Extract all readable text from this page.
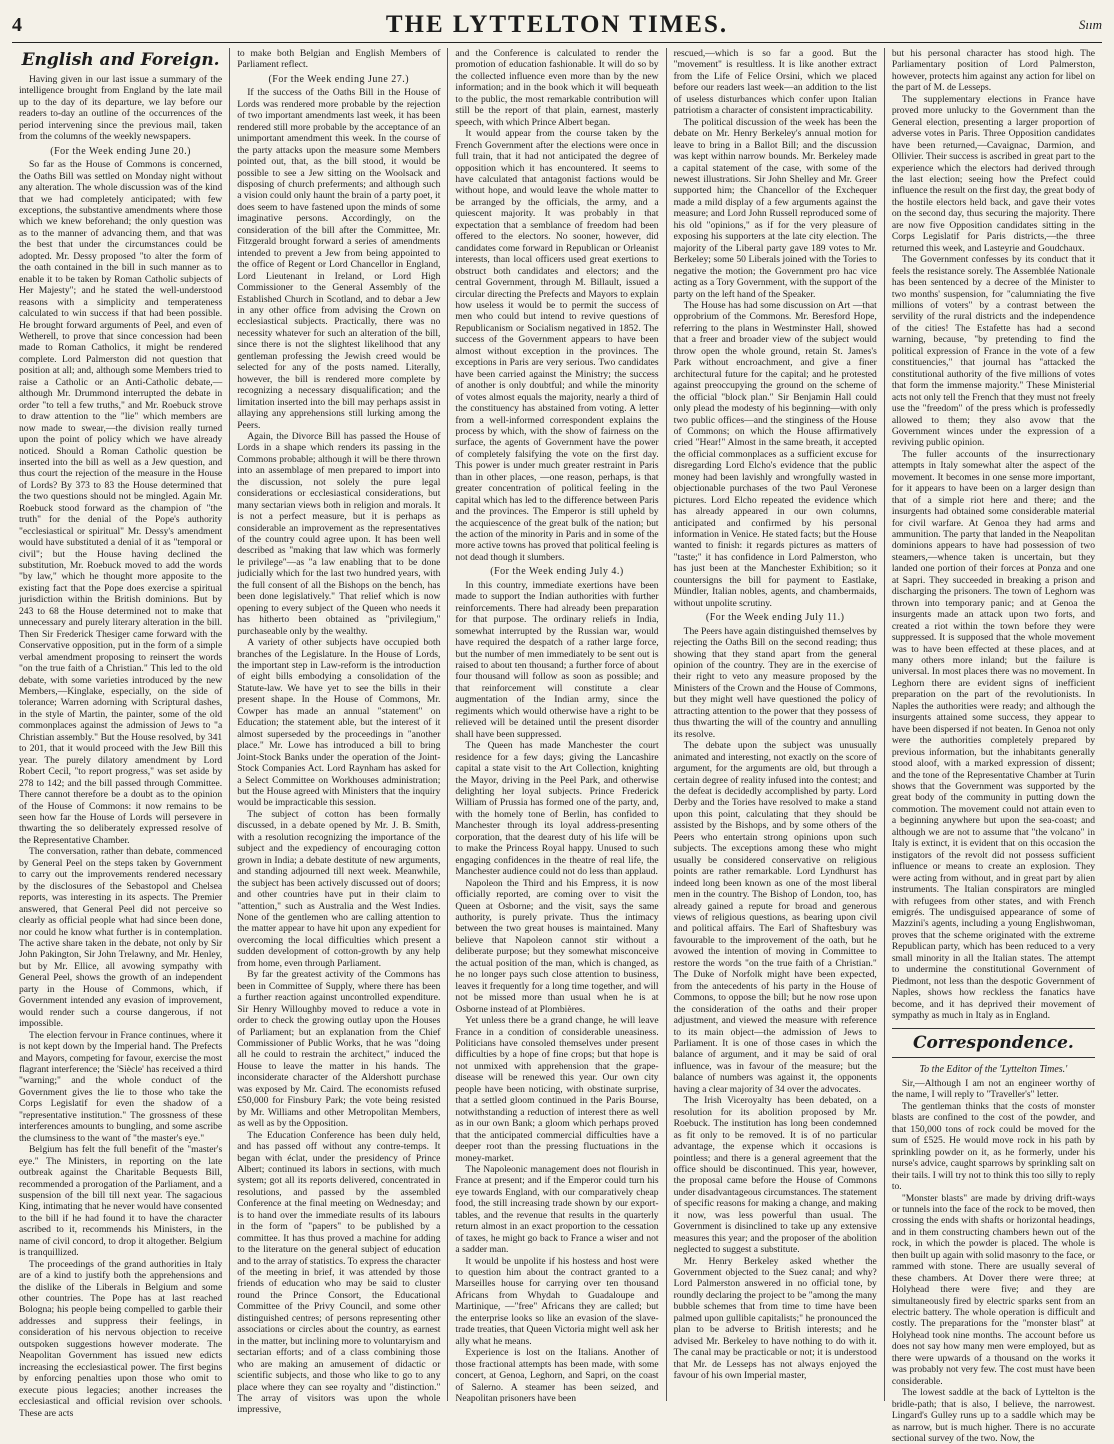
4	THE LYTTELTON TIMES.	Sııт
English and Foreign.

Having given in our last issue a summary of the intelligence brought from England by the late mail up to the day of its departure, we lay before our readers to-day an outline of the occurrences of the period intervening since the previous mail, taken from the columns of the weekly newspapers.

(For the Week ending June 20.)

So far as the House of Commons is concerned, the Oaths Bill was settled on Monday night without any alteration. The whole discussion was of the kind that we had completely anticipated; with few exceptions, the substantive amendments where those which we knew beforehand; the only question was as to the manner of advancing them, and that was the best that under the circumstances could be adopted. Mr. Dessy proposed "to alter the form of the oath contained in the bill in such manner as to enable it to be taken by Roman Catholic subjects of Her Majesty"; and he stated the well-understood reasons with a simplicity and temperateness calculated to win success if that had been possible. He brought forward arguments of Peel, and even of Wetherell, to prove that since concession had been made to Roman Catholics, it might be rendered complete. Lord Palmerston did not question that position at all; and, although some Members tried to raise a Catholic or an Anti-Catholic debate,—although Mr. Drummond interrupted the debate in order "to tell a few truths," and Mr. Roebuck strove to draw attention to the "lie" which members are now made to swear,—the division really turned upon the point of policy which we have already noticed. Should a Roman Catholic question be inserted into the bill as well as a Jew question, and thus court the rejection of the measure in the House of Lords? By 373 to 83 the House determined that the two questions should not be mingled. Again Mr. Roebuck stood forward as the champion of "the truth" for the denial of the Pope's authority "ecclesiastical or spiritual" Mr. Dessy's amendment would have substituted a denial of it as "temporal or civil"; but the House having declined the substitution, Mr. Roebuck moved to add the words "by law," which he thought more apposite to the existing fact that the Pope does exercise a spiritual jurisdiction within the British dominions. But by 243 to 68 the House determined not to make that unnecessary and purely literary alteration in the bill. Then Sir Frederick Thesiger came forward with the Conservative opposition, put in the form of a simple verbal amendment proposing to reinsert the words "on the true faith of a Christian." This led to the old debate, with some varieties introduced by the new Members,—Kinglake, especially, on the side of tolerance; Warren adorning with Scriptural dashes, in the style of Martin, the painter, some of the old commonplaces against the admission of Jews to "a Christian assembly." But the House resolved, by 341 to 201, that it would proceed with the Jew Bill this year. The purely dilatory amendment by Lord Robert Cecil, "to report progress," was set aside by 278 to 142; and the bill passed through Committee. There cannot therefore be a doubt as to the opinion of the House of Commons: it now remains to be seen how far the House of Lords will persevere in thwarting the so deliberately expressed resolve of the Representative Chamber.

The conversation, rather than debate, commenced by General Peel on the steps taken by Government to carry out the improvements rendered necessary by the disclosures of the Sebastopol and Chelsea reports, was interesting in its aspects. The Premier answered, that General Peel did not perceive so clearly as official people what had since been done, nor could he know what further is in contemplation. The active share taken in the debate, not only by Sir John Pakington, Sir John Trelawny, and Mr. Henley, but by Mr. Ellice, all avowing sympathy with General Peel, shows the growth of an independent party in the House of Commons, which, if Government intended any evasion of improvement, would render such a course dangerous, if not impossible.

The election fervour in France continues, where it is not kept down by the Imperial hand. The Prefects and Mayors, competing for favour, exercise the most flagrant interference; the 'Siècle' has received a third "warning;" and the whole conduct of the Government gives the lie to those who take the Corps Legislatif for even the shadow of a "representative institution." The grossness of these interferences amounts to bungling, and some ascribe the clumsiness to the want of "the master's eye."

Belgium has felt the full benefit of the "master's eye." The Ministers, in reporting on the late outbreak against the Charitable Bequests Bill, recommended a prorogation of the Parliament, and a suspension of the bill till next year. The sagacious King, intimating that he never would have consented to the bill if he had found it to have the character ascribed to it, recommends his Ministers, in the name of civil concord, to drop it altogether. Belgium is tranquillized.

The proceedings of the grand authorities in Italy are of a kind to justify both the apprehensions and the dislike of the Liberals in Belgium and some other countries. The Pope has at last reached Bologna; his people being compelled to garble their addresses and suppress their feelings, in consideration of his nervous objection to receive outspoken suggestions however moderate. The Neapolitan Government has issued new edicts increasing the ecclesiastical power. The first begins by enforcing penalties upon those who omit to execute pious legacies; another increases the ecclesiastical and official revision over schools. These are acts

to make both Belgian and English Members of Parliament reflect.

(For the Week ending June 27.)

If the success of the Oaths Bill in the House of Lords was rendered more probable by the rejection of two important amendments last week, it has been rendered still more probable by the acceptance of an unimportant amendment this week. In the course of the party attacks upon the measure some Members pointed out, that, as the bill stood, it would be possible to see a Jew sitting on the Woolsack and disposing of church preferments; and although such a vision could only haunt the brain of a party poet, it does seem to have fastened upon the minds of some imaginative persons. Accordingly, on the consideration of the bill after the Committee, Mr. Fitzgerald brought forward a series of amendments intended to prevent a Jew from being appointed to the office of Regent or Lord Chancellor in England, Lord Lieutenant in Ireland, or Lord High Commissioner to the General Assembly of the Established Church in Scotland, and to debar a Jew in any other office from advising the Crown on ecclesiastical subjects. Practically, there was no necessity whatever for such an alteration of the bill, since there is not the slightest likelihood that any gentleman professing the Jewish creed would be selected for any of the posts named. Literally, however, the bill is rendered more complete by recognizing a necessary disqualification; and the limitation inserted into the bill may perhaps assist in allaying any apprehensions still lurking among the Peers.

Again, the Divorce Bill has passed the House of Lords in a shape which renders its passing in the Commons probable; although it will be there thrown into an assemblage of men prepared to import into the discussion, not solely the pure legal considerations or ecclesiastical considerations, but many sectarian views both in religion and morals. It is not a perfect measure, but it is perhaps as considerable an improvement as the representatives of the country could agree upon. It has been well described as "making that law which was formerly le privilege"—as "a law enabling that to be done judicially which for the last two hundred years, with the full consent of all the Bishops on the bench, has been done legislatively." That relief which is now opening to every subject of the Queen who needs it has hitherto been obtained as "privilegium," purchaseable only by the wealthy.

A variety of other subjects have occupied both branches of the Legislature. In the House of Lords, the important step in Law-reform is the introduction of eight bills embodying a consolidation of the Statute-law. We have yet to see the bills in their present shape. In the House of Commons, Mr. Cowper has made an annual "statement" on Education; the statement able, but the interest of it almost superseded by the proceedings in "another place." Mr. Lowe has introduced a bill to bring Joint-Stock Banks under the operation of the Joint-Stock Companies Act. Lord Raynham has asked for a Select Committee on Workhouses administration; but the House agreed with Ministers that the inquiry would be impracticable this session.

The subject of cotton has been formally discussed, in a debate opened by Mr. J. B. Smith, with a resolution recognizing the importance of the subject and the expediency of encouraging cotton grown in India; a debate destitute of new arguments, and standing adjourned till next week. Meanwhile, the subject has been actively discussed out of doors; and other countries have put in their claim to "attention," such as Australia and the West Indies. None of the gentlemen who are calling attention to the matter appear to have hit upon any expedient for overcoming the local difficulties which present a sudden development of cotton-growth by any help from home, even through Parliament.

By far the greatest activity of the Commons has been in Committee of Supply, where there has been a further reaction against uncontrolled expenditure. Sir Henry Willoughby moved to reduce a vote in order to check the growing outlay upon the Houses of Parliament; but an explanation from the Chief Commissioner of Public Works, that he was "doing all he could to restrain the architect," induced the House to leave the matter in his hands. The inconsiderate character of the Aldershott purchase was exposed by Mr. Caird. The economists refused £50,000 for Finsbury Park; the vote being resisted by Mr. Williams and other Metropolitan Members, as well as by the Opposition.

The Education Conference has been duly held, and has passed off without any contre-temps. It began with éclat, under the presidency of Prince Albert; continued its labors in sections, with much system; got all its reports delivered, concentrated in resolutions, and passed by the assembled Conference at the final meeting on Wednesday; and is to hand over the immediate results of its labours in the form of "papers" to be published by a committee. It has thus proved a machine for adding to the literature on the general subject of education and to the array of statistics. To express the character of the meeting in brief, it was attended by those friends of education who may be said to cluster round the Prince Consort, the Educational Committee of the Privy Council, and some other distinguished centres; of persons representing other associations or circles about the country, as earnest in the matter, but inclining more to voluntaryism and sectarian efforts; and of a class combining those who are making an amusement of didactic or scientific subjects, and those who like to go to any place where they can see royalty and "distinction." The array of visitors was upon the whole impressive,

and the Conference is calculated to render the promotion of education fashionable. It will do so by the collected influence even more than by the new information; and in the book which it will bequeath to the public, the most remarkable contribution will still be the report of that plain, earnest, masterly speech, with which Prince Albert began.

It would appear from the course taken by the French Government after the elections were once in full train, that it had not anticipated the degree of opposition which it has encountered. It seems to have calculated that antagonist factions would be without hope, and would leave the whole matter to be arranged by the officials, the army, and a quiescent majority. It was probably in that expectation that a semblance of freedom had been offered to the electors. No sooner, however, did candidates come forward in Republican or Orleanist interests, than local officers used great exertions to obstruct both candidates and electors; and the central Government, through M. Billault, issued a circular directing the Prefects and Mayors to explain how useless it would be to permit the success of men who could but intend to revive questions of Republicanism or Socialism negatived in 1852. The success of the Government appears to have been almost without exception in the provinces. The exceptions in Paris are very serious. Two candidates have been carried against the Ministry; the success of another is only doubtful; and while the minority of votes almost equals the majority, nearly a third of the constituency has abstained from voting. A letter from a well-informed correspondent explains the process by which, with the show of fairness on the surface, the agents of Government have the power of completely falsifying the vote on the first day. This power is under much greater restraint in Paris than in other places, —one reason, perhaps, is that greater concentration of political feeling in the capital which has led to the difference between Paris and the provinces. The Emperor is still upheld by the acquiescence of the great bulk of the nation; but the action of the minority in Paris and in some of the more active towns has proved that political feeling is not dead though it slumbers.

(For the Week ending July 4.)

In this country, immediate exertions have been made to support the Indian authorities with further reinforcements. There had already been preparation for that purpose. The ordinary reliefs in India, somewhat interrupted by the Russian war, would have required the despatch of a rather large force, but the number of men immediately to be sent out is raised to about ten thousand; a further force of about four thousand will follow as soon as possible; and that reinforcement will constitute a clear augmentation of the Indian army, since the regiments which would otherwise have a right to be relieved will be detained until the present disorder shall have been suppressed.

The Queen has made Manchester the court residence for a few days; giving the Lancashire capital a state visit to the Art Collection, knighting the Mayor, driving in the Peel Park, and otherwise delighting her loyal subjects. Prince Frederick William of Prussia has formed one of the party, and, with the homely tone of Berlin, has confided to Manchester through its loyal address-presenting corporation, that the dearest duty of his life will be to make the Princess Royal happy. Unused to such engaging confidences in the theatre of real life, the Manchester audience could not do less than applaud.

Napoleon the Third and his Empress, it is now officially reported, are coming over to visit the Queen at Osborne; and the visit, says the same authority, is purely private. Thus the intimacy between the two great houses is maintained. Many believe that Napoleon cannot stir without a deliberate purpose; but they somewhat misconceive the actual position of the man, which is changed, as he no longer pays such close attention to business, leaves it frequently for a long time together, and will not be missed more than usual when he is at Osborne instead of at Plombières.

Yet unless there be a grand change, he will leave France in a condition of considerable uneasiness. Politicians have consoled themselves under present difficulties by a hope of fine crops; but that hope is not unmixed with apprehension that the grape-disease will be renewed this year. Our own city people have been noticing, with obstinate surprise, that a settled gloom continued in the Paris Bourse, notwithstanding a reduction of interest there as well as in our own Bank; a gloom which perhaps proved that the anticipated commercial difficulties have a deeper root than the pressing fluctuations in the money-market.

The Napoleonic management does not flourish in France at present; and if the Emperor could turn his eye towards England, with our comparatively cheap food, the still increasing trade shown by our export-tables, and the revenue that results in the quarterly return almost in an exact proportion to the cessation of taxes, he might go back to France a wiser and not a sadder man.

It would be unpolite if his hostess and host were to question him about the contract granted to a Marseilles house for carrying over ten thousand Africans from Whydah to Guadaloupe and Martinique, —"free" Africans they are called; but the enterprise looks so like an evasion of the slave-trade treaties, that Queen Victoria might well ask her ally what he means.

Experience is lost on the Italians. Another of those fractional attempts has been made, with some concert, at Genoa, Leghorn, and Sapri, on the coast of Salerno. A steamer has been seized, and Neapolitan prisoners have been

rescued,—which is so far a good. But the "movement" is resultless. It is like another extract from the Life of Felice Orsini, which we placed before our readers last week—an addition to the list of useless disturbances which confer upon Italian patriotism a character of consistent impracticability.

The political discussion of the week has been the debate on Mr. Henry Berkeley's annual motion for leave to bring in a Ballot Bill; and the discussion was kept within narrow bounds. Mr. Berkeley made a capital statement of the case, with some of the newest illustrations. Sir John Shelley and Mr. Greer supported him; the Chancellor of the Exchequer made a mild display of a few arguments against the measure; and Lord John Russell reproduced some of his old "opinions," as if for the very pleasure of exposing his supporters at the late city election. The majority of the Liberal party gave 189 votes to Mr. Berkeley; some 50 Liberals joined with the Tories to negative the motion; the Government pro hac vice acting as a Tory Government, with the support of the party on the left hand of the Speaker.

The House has had some discussion on Art —that opprobrium of the Commons. Mr. Beresford Hope, referring to the plans in Westminster Hall, showed that a freer and broader view of the subject would throw open the whole ground, retain St. James's Park without encroachment, and give a finer architectural future for the capital; and he protested against preoccupying the ground on the scheme of the official "block plan." Sir Benjamin Hall could only plead the modesty of his beginning—with only two public offices—and the stinginess of the House of Commons; on which the House affirmatively cried "Hear!" Almost in the same breath, it accepted the official commonplaces as a sufficient excuse for disregarding Lord Elcho's evidence that the public money had been lavishly and wrongfully wasted in objectionable purchases of the two Paul Veronese pictures. Lord Elcho repeated the evidence which has already appeared in our own columns, anticipated and confirmed by his personal information in Venice. He stated facts; but the House wanted to finish: it regards pictures as matters of "taste;" it has confidence in Lord Palmerston, who has just been at the Manchester Exhibition; so it countersigns the bill for payment to Eastlake, Mündler, Italian nobles, agents, and chambermaids, without unpolite scrutiny.

(For the Week ending July 11.)

The Peers have again distinguished themselves by rejecting the Oaths Bill on the second reading; thus showing that they stand apart from the general opinion of the country. They are in the exercise of their right to veto any measure proposed by the Ministers of the Crown and the House of Commons, but they might well have questioned the policy of attracting attention to the power that they possess of thus thwarting the will of the country and annulling its resolve.

The debate upon the subject was unusually animated and interesting, not exactly on the score of argument, for the arguments are old, but through a certain degree of reality infused into the contest; and the defeat is decidedly accomplished by party. Lord Derby and the Tories have resolved to make a stand upon this point, calculating that they should be assisted by the Bishops, and by some others of the Peers who entertain strong opinions upon such subjects. The exceptions among these who might usually be considered conservative on religious points are rather remarkable. Lord Lyndhurst has indeed long been known as one of the most liberal men in the country. The Bishop of London, too, has already gained a repute for broad and generous views of religious questions, as bearing upon civil and political affairs. The Earl of Shaftesbury was favourable to the improvement of the oath, but he avowed the intention of moving in Committee to restore the words "on the true faith of a Christian." The Duke of Norfolk might have been expected, from the antecedents of his party in the House of Commons, to oppose the bill; but he now rose upon the consideration of the oaths and their proper adjustment, and viewed the measure with reference to its main object—the admission of Jews to Parliament. It is one of those cases in which the balance of argument, and it may be said of oral influence, was in favour of the measure; but the balance of numbers was against it, the opponents having a clear majority of 34 over the advocates.

The Irish Viceroyalty has been debated, on a resolution for its abolition proposed by Mr. Roebuck. The institution has long been condemned as fit only to be removed. It is of no particular advantage, the expense which it occasions is pointless; and there is a general agreement that the office should be discontinued. This year, however, the proposal came before the House of Commons under disadvantageous circumstances. The statement of specific reasons for making a change, and making it now, was less powerful than usual. The Government is disinclined to take up any extensive measures this year; and the proposer of the abolition neglected to suggest a substitute.

Mr. Henry Berkeley asked whether the Government objected to the Suez canal; and why? Lord Palmerston answered in no official tone, by roundly declaring the project to be "among the many bubble schemes that from time to time have been palmed upon gullible capitalists;" he pronounced the plan to be adverse to British interests; and he advised Mr. Berkeley to have nothing to do with it. The canal may be practicable or not; it is understood that Mr. de Lesseps has not always enjoyed the favour of his own Imperial master,

but his personal character has stood high. The Parliamentary position of Lord Palmerston, however, protects him against any action for libel on the part of M. de Lesseps.

The supplementary elections in France have proved more unlucky to the Government than the General election, presenting a larger proportion of adverse votes in Paris. Three Opposition candidates have been returned,—Cavaignac, Darmion, and Ollivier. Their success is ascribed in great part to the experience which the electors had derived through the last election; seeing how the Prefect could influence the result on the first day, the great body of the hostile electors held back, and gave their votes on the second day, thus securing the majority. There are now five Opposition candidates sitting in the Corps Legislatif for Paris districts,—the three returned this week, and Lasteyrie and Goudchaux.

The Government confesses by its conduct that it feels the resistance sorely. The Assemblée Nationale has been sentenced by a decree of the Minister to two months' suspension, for "calumniating the five millions of voters" by a contrast between the servility of the rural districts and the independence of the cities! The Estafette has had a second warning, because, "by pretending to find the political expression of France in the vote of a few constituencies," that journal has "attacked the constitutional authority of the five millions of votes that form the immense majority." These Ministerial acts not only tell the French that they must not freely use the "freedom" of the press which is professedly allowed to them; they also avow that the Government winces under the expression of a reviving public opinion.

The fuller accounts of the insurrectionary attempts in Italy somewhat alter the aspect of the movement. It becomes in one sense more important, for it appears to have been on a larger design than that of a simple riot here and there; and the insurgents had obtained some considerable material for civil warfare. At Genoa they had arms and ammunition. The party that landed in the Neapolitan dominions appears to have had possession of two steamers,—whence taken is uncertain, but they landed one portion of their forces at Ponza and one at Sapri. They succeeded in breaking a prison and discharging the prisoners. The town of Leghorn was thrown into temporary panic; and at Genoa the insurgents made an attack upon two forts, and created a riot within the town before they were suppressed. It is supposed that the whole movement was to have been effected at these places, and at many others more inland; but the failure is universal. In most places there was no movement. In Leghorn there are evident signs of inefficient preparation on the part of the revolutionists. In Naples the authorities were ready; and although the insurgents attained some success, they appear to have been dispersed if not beaten. In Genoa not only were the authorities completely prepared by previous information, but the inhabitants generally stood aloof, with a marked expression of dissent; and the tone of the Representative Chamber at Turin shows that the Government was supported by the great body of the community in putting down the commotion. The movement could not attain even to a beginning anywhere but upon the sea-coast; and although we are not to assume that "the volcano" in Italy is extinct, it is evident that on this occasion the instigators of the revolt did not possess sufficient influence or means to create an explosion. They were acting from without, and in great part by alien instruments. The Italian conspirators are mingled with refugees from other states, and with French emigrés. The undisguised appearance of some of Mazzini's agents, including a young Englishwoman, proves that the scheme originated with the extreme Republican party, which has been reduced to a very small minority in all the Italian states. The attempt to undermine the constitutional Government of Piedmont, not less than the despotic Government of Naples, shows how reckless the fanatics have become, and it has deprived their movement of sympathy as much in Italy as in England.

Correspondence.
To the Editor of the 'Lyttelton Times.'

Sir,—Although I am not an engineer worthy of the name, I will reply to "Traveller's" letter.

The gentleman thinks that the costs of monster blasts are confined to the cost of the powder, and that 150,000 tons of rock could be moved for the sum of £525. He would move rock in his path by sprinkling powder on it, as he formerly, under his nurse's advice, caught sparrows by sprinkling salt on their tails. I will try not to think this too silly to reply to.

"Monster blasts" are made by driving drift-ways or tunnels into the face of the rock to be moved, then crossing the ends with shafts or horizontal headings, and in them constructing chambers hewn out of the rock, in which the powder is placed. The whole is then built up again with solid masonry to the face, or rammed with stone. There are usually several of these chambers. At Dover there were three; at Holyhead there were five; and they are simultaneously fired by electric sparks sent from an electric battery. The whole operation is difficult and costly. The preparations for the "monster blast" at Holyhead took nine months. The account before us does not say how many men were employed, but as there were upwards of a thousand on the works it was probably not very few. The cost must have been considerable.

The lowest saddle at the back of Lyttelton is the bridle-path; that is also, I believe, the narrowest. Lingard's Gulley runs up to a saddle which may be as narrow, but is much higher. There is no accurate sectional survey of the two. Now, the
